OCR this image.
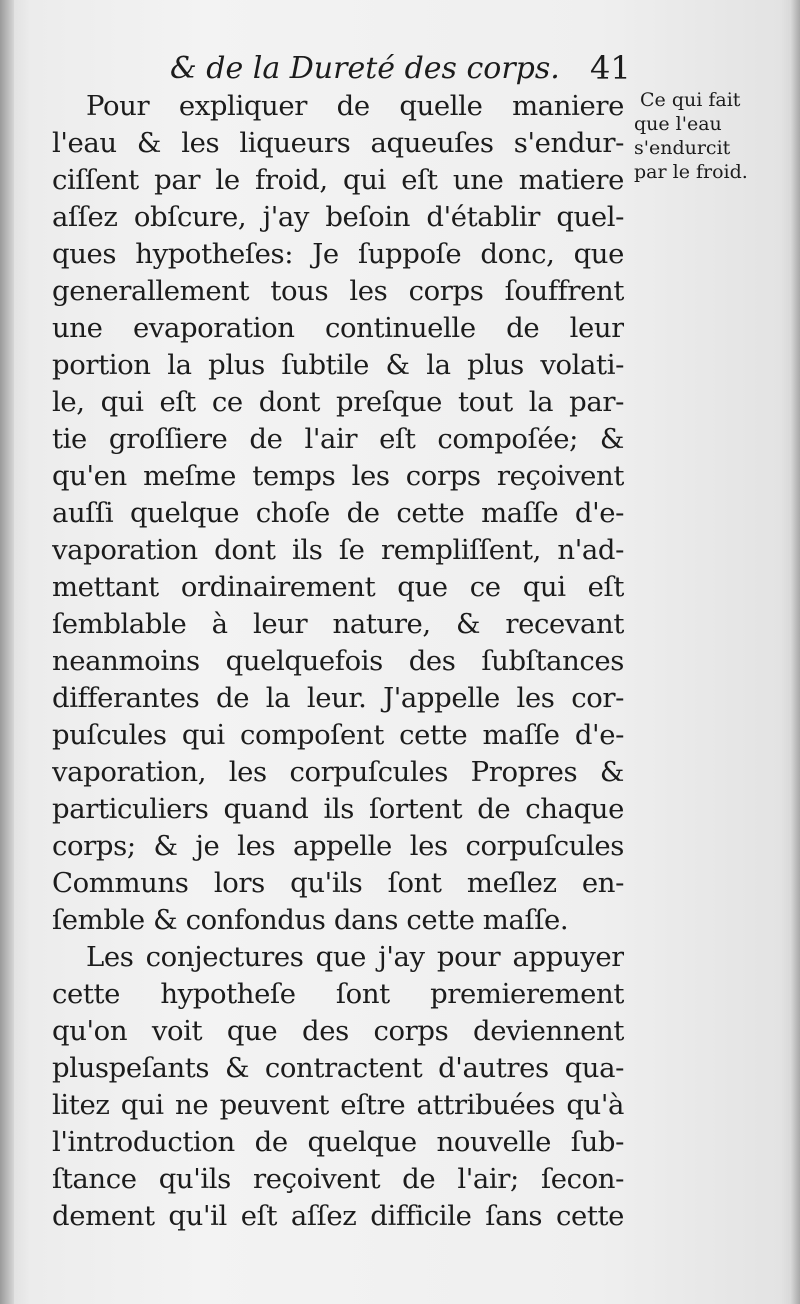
& de la Dureté des corps. 41
Ce qui fait
que l'eau
s'endurcit
par le froid.
Pour expliquer de quelle maniere
l'eau & les liqueurs aqueuſes s'endur-
ciſſent par le froid, qui eſt une matiere
aſſez obſcure, j'ay beſoin d'établir quel-
ques hypotheſes: Je ſuppoſe donc, que
generallement tous les corps ſouffrent
une evaporation continuelle de leur
portion la plus ſubtile & la plus volati-
le, qui eſt ce dont preſque tout la par-
tie groſſiere de l'air eſt compoſée; &
qu'en meſme temps les corps reçoivent
auſſi quelque choſe de cette maſſe d'e-
vaporation dont ils ſe rempliſſent, n'ad-
mettant ordinairement que ce qui eſt
ſemblable à leur nature, & recevant
neanmoins quelquefois des ſubſtances
differantes de la leur. J'appelle les cor-
puſcules qui compoſent cette maſſe d'e-
vaporation, les corpuſcules Propres &
particuliers quand ils ſortent de chaque
corps; & je les appelle les corpuſcules
Communs lors qu'ils ſont meſlez en-
ſemble & confondus dans cette maſſe.
Les conjectures que j'ay pour appuyer
cette hypotheſe ſont premierement
qu'on voit que des corps deviennent
pluspeſants & contractent d'autres qua-
litez qui ne peuvent eſtre attribuées qu'à
l'introduction de quelque nouvelle ſub-
ſtance qu'ils reçoivent de l'air; ſecon-
dement qu'il eſt aſſez difficile ſans cette
